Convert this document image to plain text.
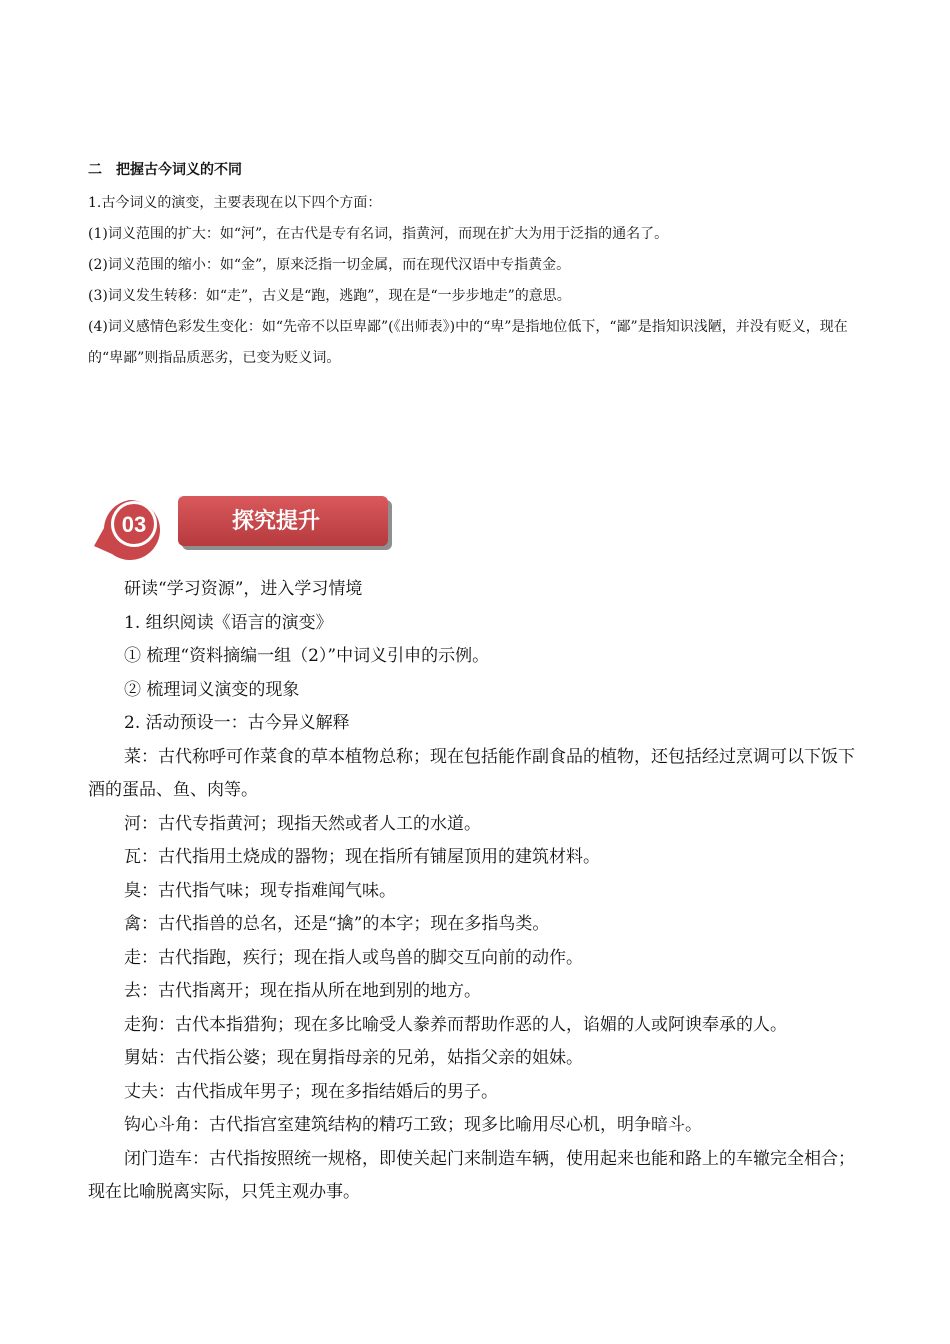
二 把握古今词义的不同

1.古今词义的演变，主要表现在以下四个方面：

(1)词义范围的扩大：如“河”，在古代是专有名词，指黄河，而现在扩大为用于泛指的通名了。

(2)词义范围的缩小：如“金”，原来泛指一切金属，而在现代汉语中专指黄金。

(3)词义发生转移：如“走”，古义是“跑，逃跑”，现在是“一步步地走”的意思。

(4)词义感情色彩发生变化：如“先帝不以臣卑鄙”(《出师表》)中的“卑”是指地位低下，“鄙”是指知识浅陋，并没有贬义，现在的“卑鄙”则指品质恶劣，已变为贬义词。

03	探究提升

研读“学习资源”，进入学习情境

1. 组织阅读《语言的演变》

① 梳理“资料摘编一组（2）”中词义引申的示例。

② 梳理词义演变的现象

2. 活动预设一：古今异义解释

菜：古代称呼可作菜食的草本植物总称；现在包括能作副食品的植物，还包括经过烹调可以下饭下酒的蛋品、鱼、肉等。

河：古代专指黄河；现指天然或者人工的水道。

瓦：古代指用土烧成的器物；现在指所有铺屋顶用的建筑材料。

臭：古代指气味；现专指难闻气味。

禽：古代指兽的总名，还是“擒”的本字；现在多指鸟类。

走：古代指跑，疾行；现在指人或鸟兽的脚交互向前的动作。

去：古代指离开；现在指从所在地到别的地方。

走狗：古代本指猎狗；现在多比喻受人豢养而帮助作恶的人，谄媚的人或阿谀奉承的人。

舅姑：古代指公婆；现在舅指母亲的兄弟，姑指父亲的姐妹。

丈夫：古代指成年男子；现在多指结婚后的男子。

钩心斗角：古代指宫室建筑结构的精巧工致；现多比喻用尽心机，明争暗斗。

闭门造车：古代指按照统一规格，即使关起门来制造车辆，使用起来也能和路上的车辙完全相合；现在比喻脱离实际，只凭主观办事。
